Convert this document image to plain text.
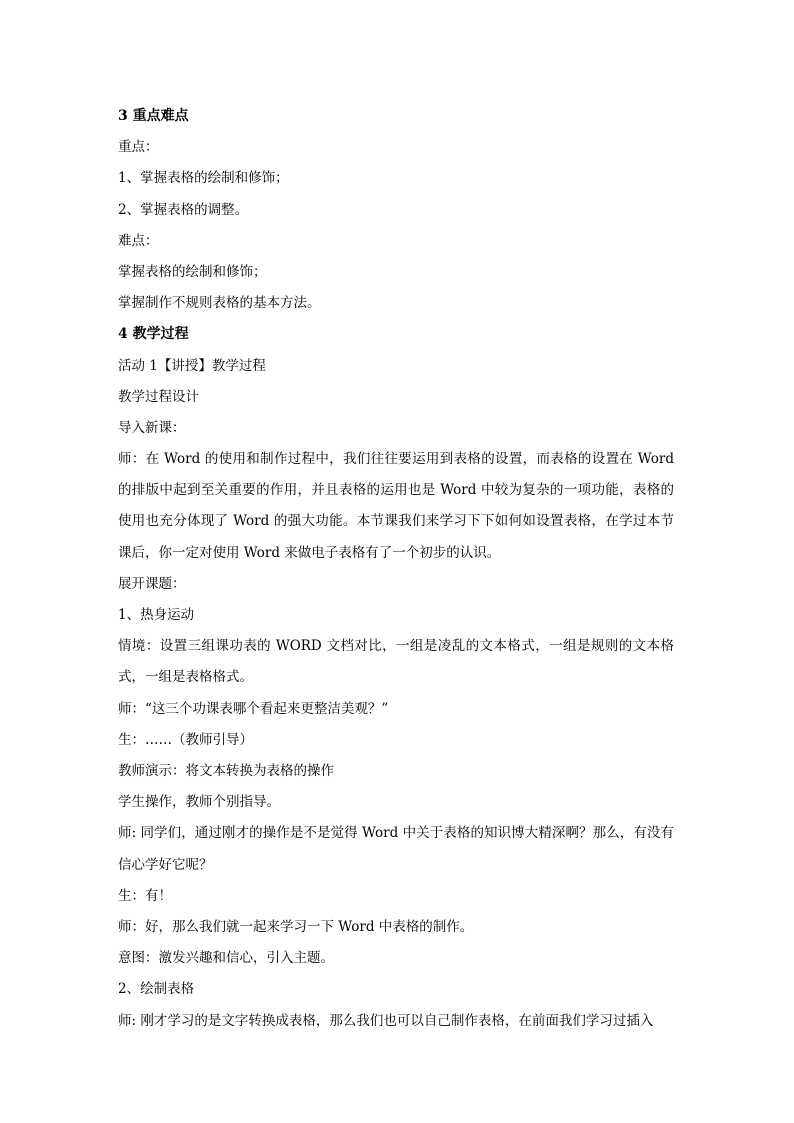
3 重点难点
重点：
1、掌握表格的绘制和修饰；
2、掌握表格的调整。
难点：
掌握表格的绘制和修饰；
掌握制作不规则表格的基本方法。
4 教学过程
活动 1【讲授】教学过程
教学过程设计
导入新课：
师：在 Word 的使用和制作过程中，我们往往要运用到表格的设置，而表格的设置在 Word 的排版中起到至关重要的作用，并且表格的运用也是 Word 中较为复杂的一项功能，表格的使用也充分体现了 Word 的强大功能。本节课我们来学习下下如何如设置表格，在学过本节课后，你一定对使用 Word 来做电子表格有了一个初步的认识。
展开课题：
1、热身运动
情境：设置三组课功表的 WORD 文档对比，一组是凌乱的文本格式，一组是规则的文本格式，一组是表格格式。
师：“这三个功课表哪个看起来更整洁美观？”
生：……（教师引导）
教师演示：将文本转换为表格的操作
学生操作，教师个别指导。
师: 同学们，通过刚才的操作是不是觉得 Word 中关于表格的知识博大精深啊？那么，有没有信心学好它呢？
生：有！
师：好，那么我们就一起来学习一下 Word 中表格的制作。
意图：激发兴趣和信心，引入主题。
2、绘制表格
师: 刚才学习的是文字转换成表格，那么我们也可以自己制作表格，在前面我们学习过插入
